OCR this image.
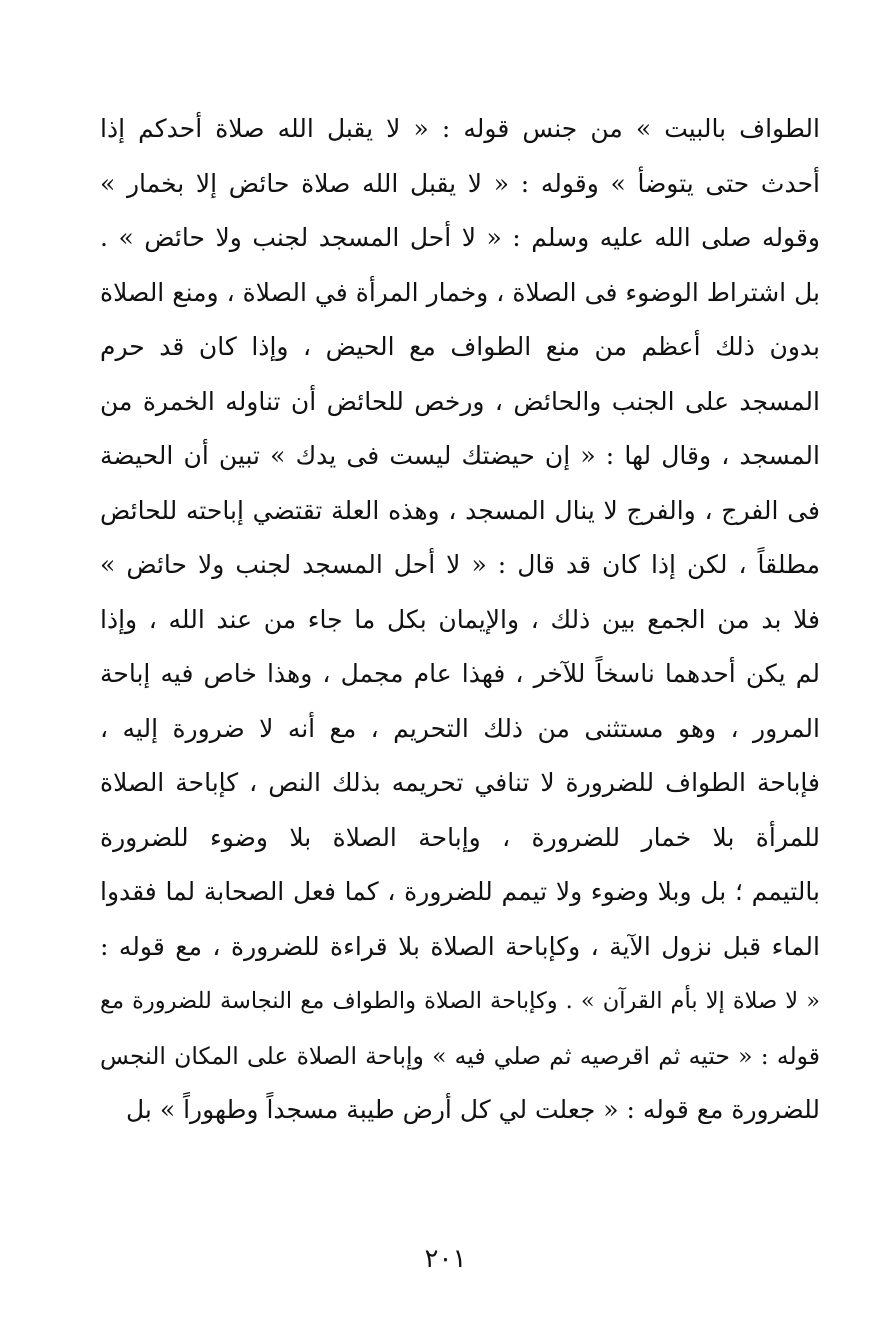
الطواف بالبيت » من جنس قوله : « لا يقبل الله صلاة أحدكم إذا
أحدث حتى يتوضأ » وقوله : « لا يقبل الله صلاة حائض إلا بخمار »
وقوله صلى الله عليه وسلم : « لا أحل المسجد لجنب ولا حائض » .
بل اشتراط الوضوء فى الصلاة ، وخمار المرأة في الصلاة ، ومنع الصلاة
بدون ذلك أعظم من منع الطواف مع الحيض ، وإذا كان قد حرم
المسجد على الجنب والحائض ، ورخص للحائض أن تناوله الخمرة من
المسجد ، وقال لها : « إن حيضتك ليست فى يدك » تبين أن الحيضة
فى الفرج ، والفرج لا ينال المسجد ، وهذه العلة تقتضي إباحته للحائض
مطلقاً ، لكن إذا كان قد قال : « لا أحل المسجد لجنب ولا حائض »
فلا بد من الجمع بين ذلك ، والإيمان بكل ما جاء من عند الله ، وإذا
لم يكن أحدهما ناسخاً للآخر ، فهذا عام مجمل ، وهذا خاص فيه إباحة
المرور ، وهو مستثنى من ذلك التحريم ، مع أنه لا ضرورة إليه ،
فإباحة الطواف للضرورة لا تنافي تحريمه بذلك النص ، كإباحة الصلاة
للمرأة بلا خمار للضرورة ، وإباحة الصلاة بلا وضوء للضرورة
بالتيمم ؛ بل وبلا وضوء ولا تيمم للضرورة ، كما فعل الصحابة لما فقدوا
الماء قبل نزول الآية ، وكإباحة الصلاة بلا قراءة للضرورة ، مع قوله :
« لا صلاة إلا بأم القرآن » . وكإباحة الصلاة والطواف مع النجاسة للضرورة مع
قوله : « حتيه ثم اقرصيه ثم صلي فيه » وإباحة الصلاة على المكان النجس
للضرورة مع قوله : « جعلت لي كل أرض طيبة مسجداً وطهوراً » بل
٢٠١
